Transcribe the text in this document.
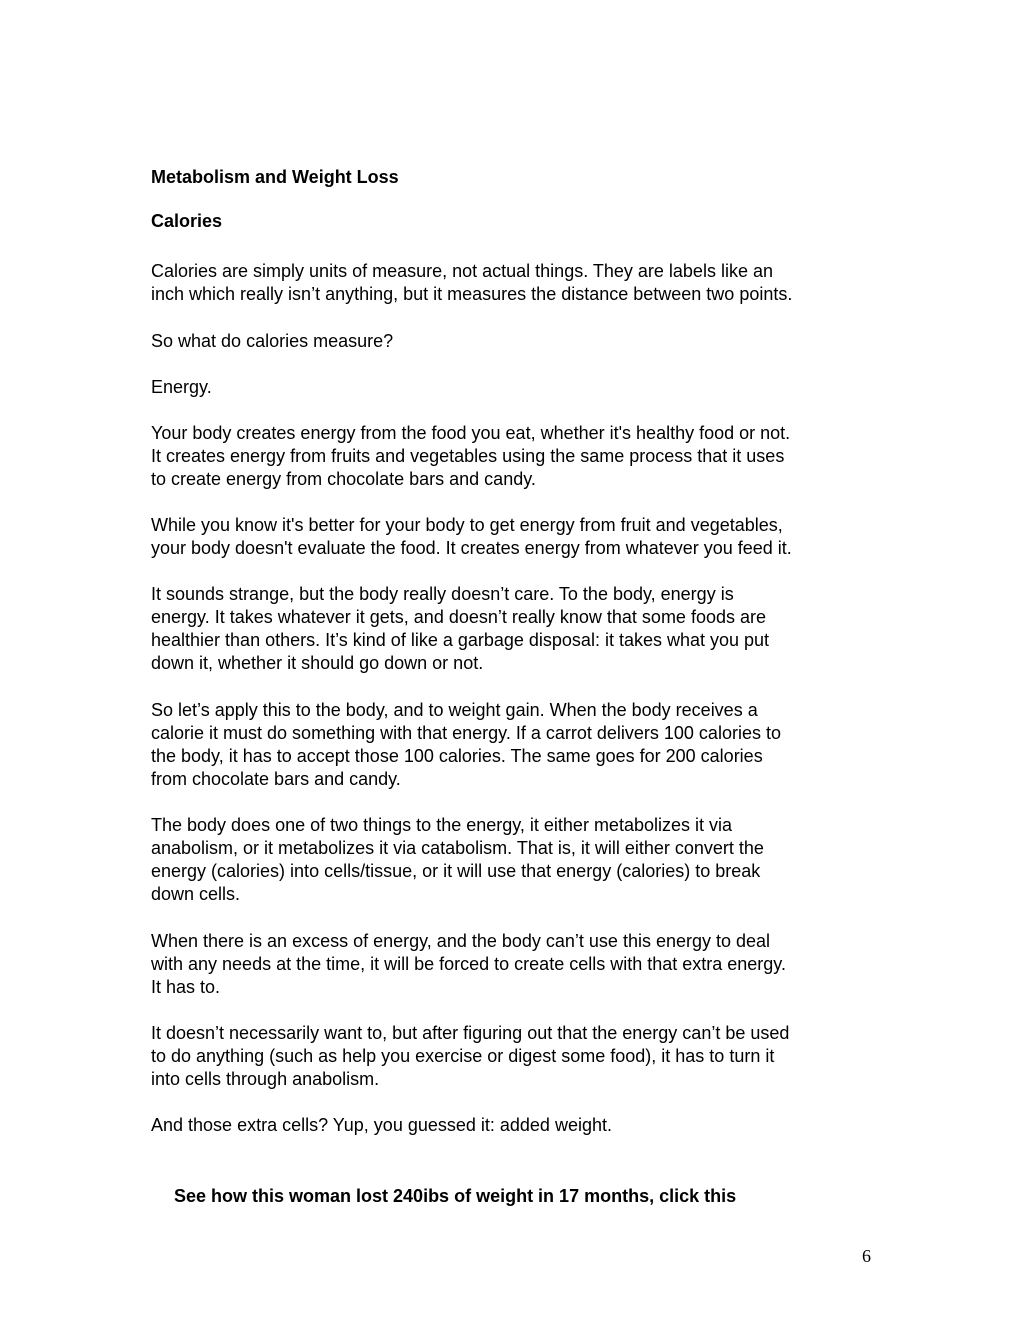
Metabolism and Weight Loss
Calories

Calories are simply units of measure, not actual things. They are labels like an
inch which really isn’t anything, but it measures the distance between two points.

So what do calories measure?

Energy.

Your body creates energy from the food you eat, whether it's healthy food or not.
It creates energy from fruits and vegetables using the same process that it uses
to create energy from chocolate bars and candy.

While you know it's better for your body to get energy from fruit and vegetables,
your body doesn't evaluate the food. It creates energy from whatever you feed it.

It sounds strange, but the body really doesn’t care. To the body, energy is
energy. It takes whatever it gets, and doesn’t really know that some foods are
healthier than others. It’s kind of like a garbage disposal: it takes what you put
down it, whether it should go down or not.

So let’s apply this to the body, and to weight gain. When the body receives a
calorie it must do something with that energy. If a carrot delivers 100 calories to
the body, it has to accept those 100 calories. The same goes for 200 calories
from chocolate bars and candy.

The body does one of two things to the energy, it either metabolizes it via
anabolism, or it metabolizes it via catabolism. That is, it will either convert the
energy (calories) into cells/tissue, or it will use that energy (calories) to break
down cells.

When there is an excess of energy, and the body can’t use this energy to deal
with any needs at the time, it will be forced to create cells with that extra energy.
It has to.

It doesn’t necessarily want to, but after figuring out that the energy can’t be used
to do anything (such as help you exercise or digest some food), it has to turn it
into cells through anabolism.

And those extra cells? Yup, you guessed it: added weight.

See how this woman lost 240ibs of weight in 17 months, click this

6
